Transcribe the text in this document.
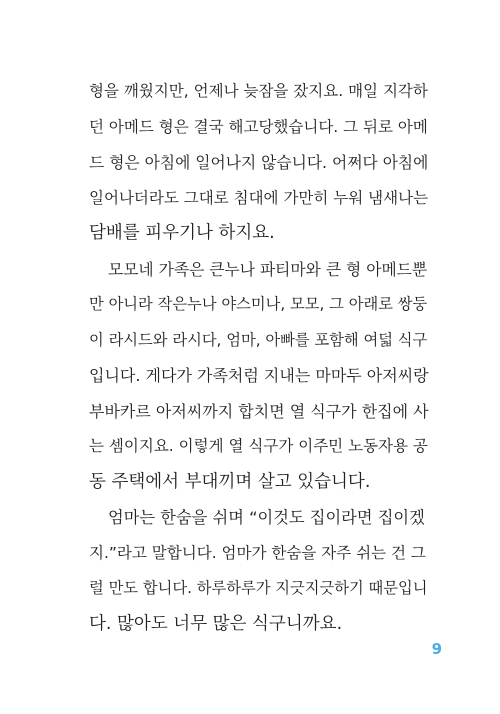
형을 깨웠지만, 언제나 늦잠을 잤지요. 매일 지각하
던 아메드 형은 결국 해고당했습니다. 그 뒤로 아메
드 형은 아침에 일어나지 않습니다. 어쩌다 아침에
일어나더라도 그대로 침대에 가만히 누워 냄새나는
담배를 피우기나 하지요.
모모네 가족은 큰누나 파티마와 큰 형 아메드뿐
만 아니라 작은누나 야스미나, 모모, 그 아래로 쌍둥
이 라시드와 라시다, 엄마, 아빠를 포함해 여덟 식구
입니다. 게다가 가족처럼 지내는 마마두 아저씨랑
부바카르 아저씨까지 합치면 열 식구가 한집에 사
는 셈이지요. 이렇게 열 식구가 이주민 노동자용 공
동 주택에서 부대끼며 살고 있습니다.
엄마는 한숨을 쉬며 “이것도 집이라면 집이겠
지.”라고 말합니다. 엄마가 한숨을 자주 쉬는 건 그
럴 만도 합니다. 하루하루가 지긋지긋하기 때문입니
다. 많아도 너무 많은 식구니까요.
9
